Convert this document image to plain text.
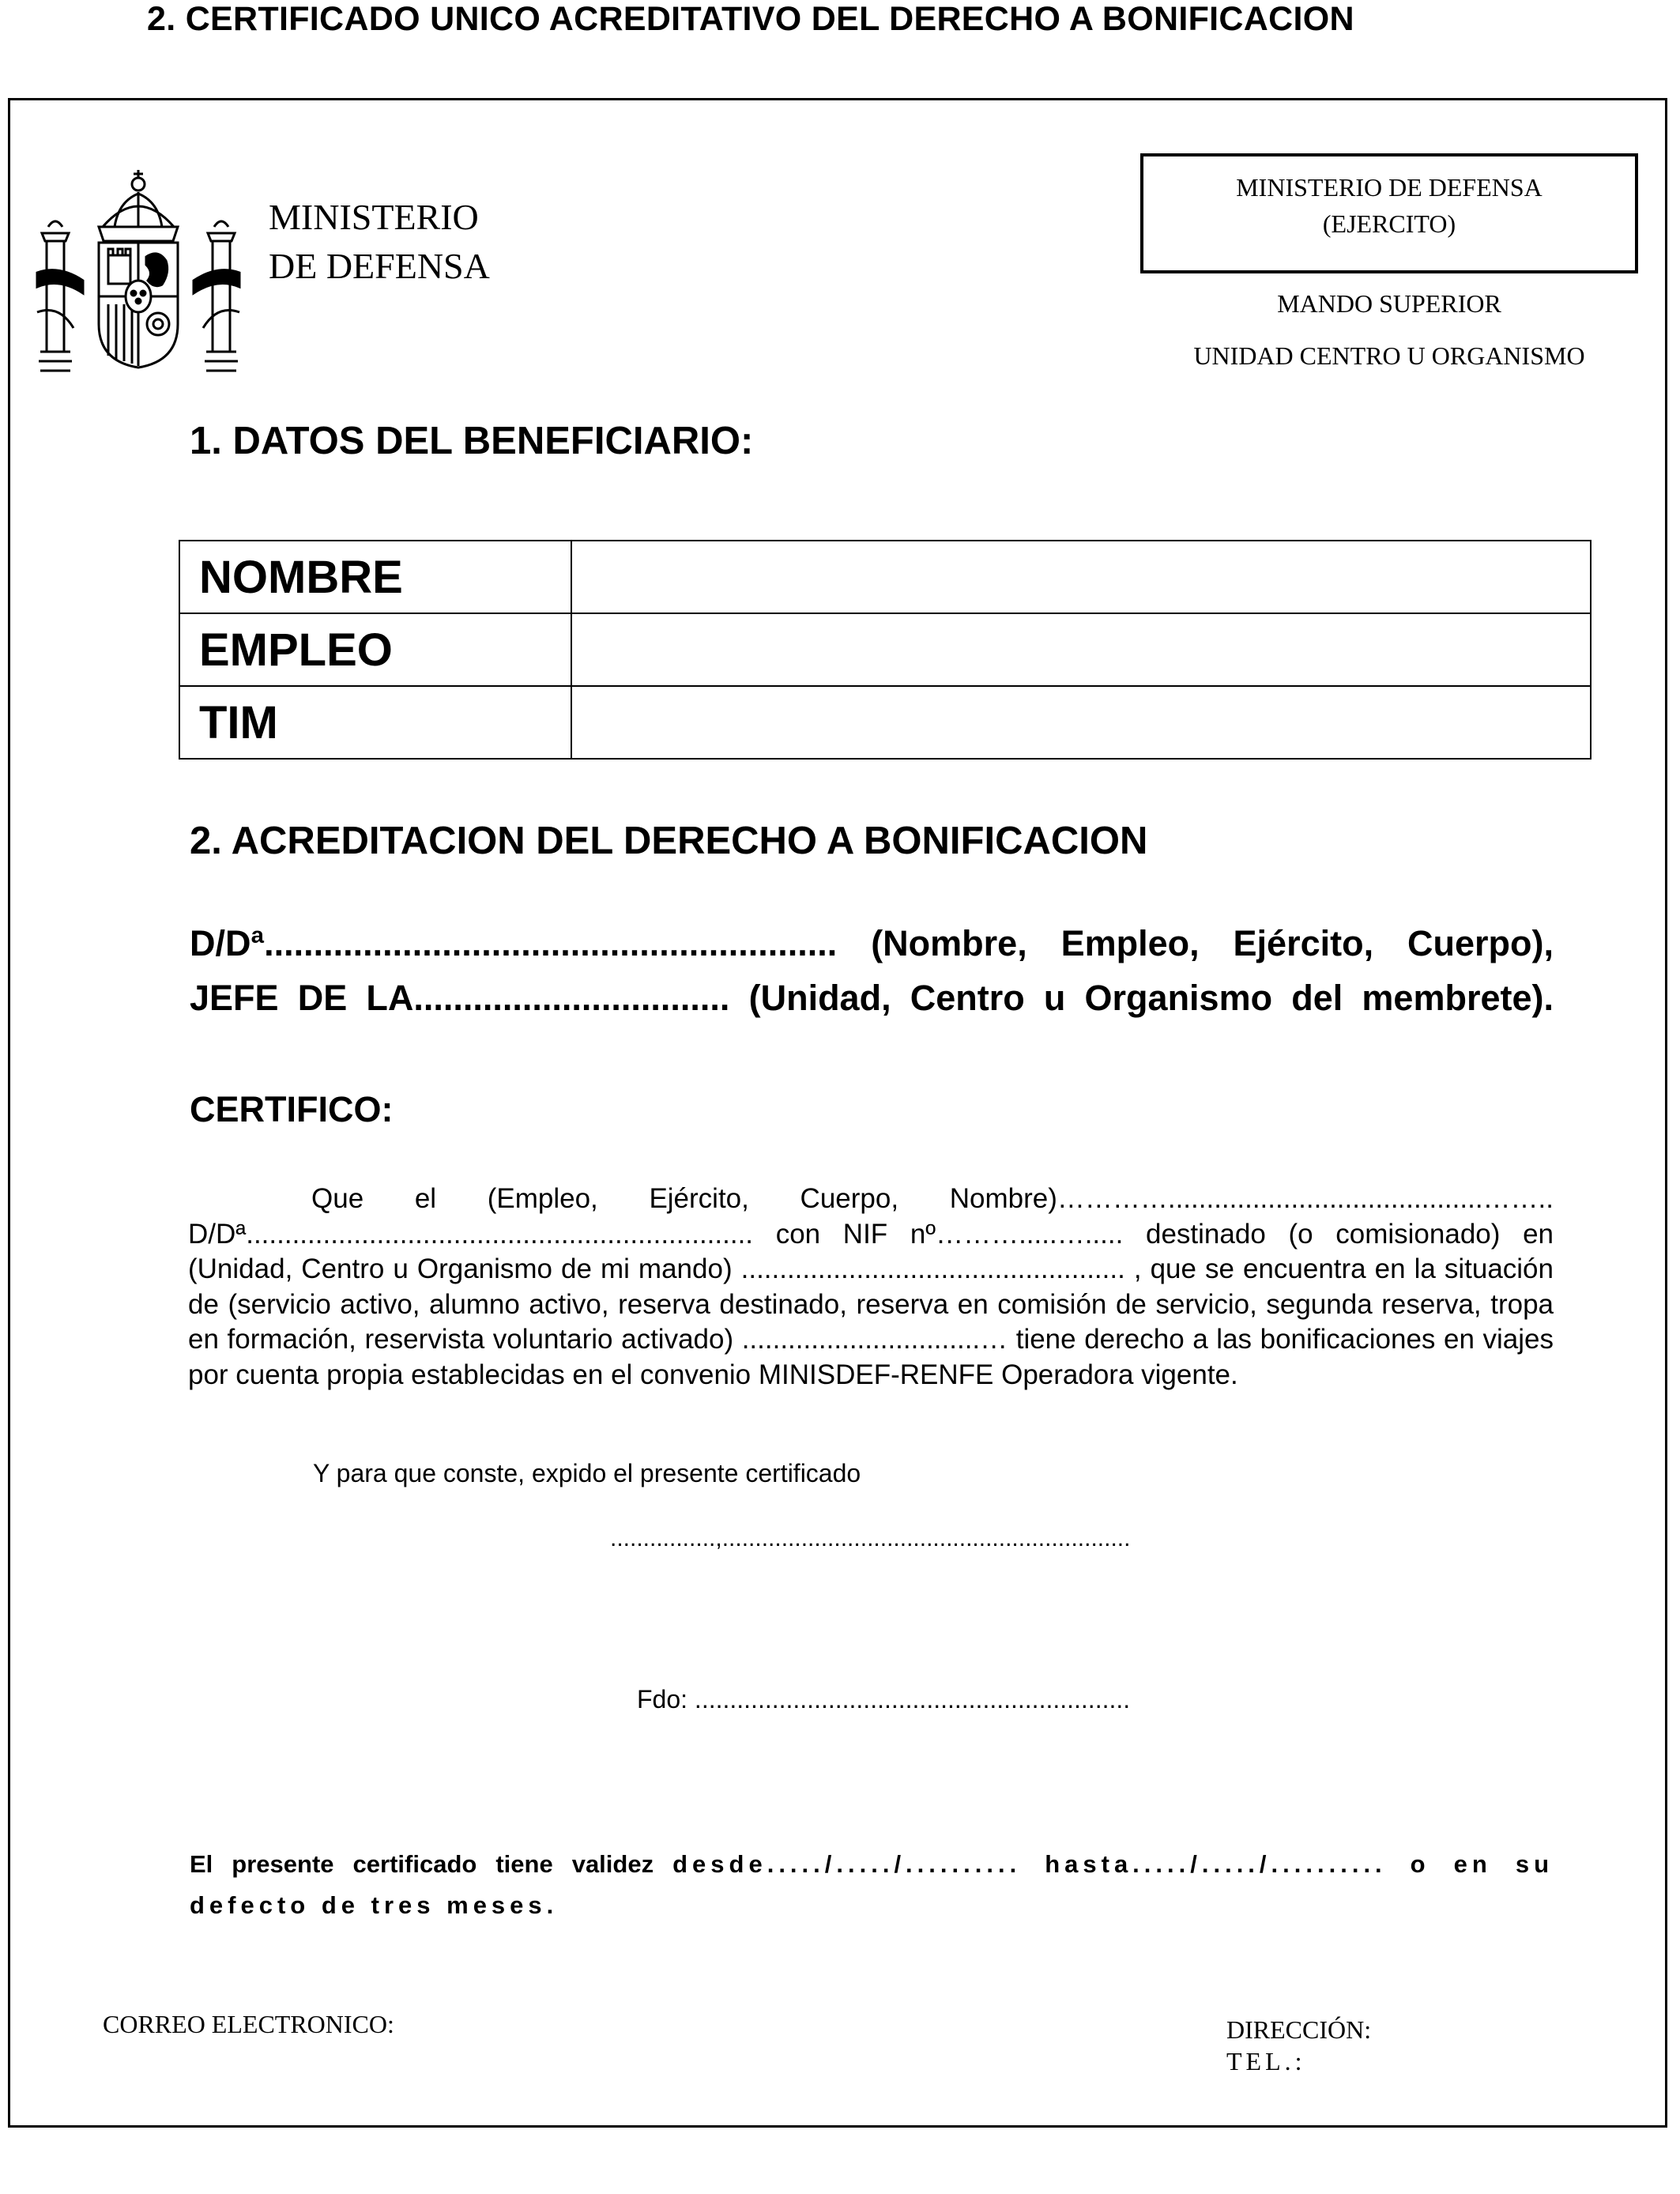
2. CERTIFICADO UNICO ACREDITATIVO DEL DERECHO A BONIFICACION
MINISTERIO
DE DEFENSA
MINISTERIO DE DEFENSA
(EJERCITO)
MANDO SUPERIOR
UNIDAD CENTRO U ORGANISMO
1. DATOS DEL BENEFICIARIO:
NOMBRE	
EMPLEO	
TIM	
2. ACREDITACION DEL DERECHO A BONIFICACION
D/Dª.......................................................... (Nombre, Empleo, Ejército, Cuerpo),
JEFE DE LA................................ (Unidad, Centro u Organismo del membrete).
CERTIFICO:
Que el (Empleo, Ejército, Cuerpo, Nombre)………….........................................…….. D/Dª.................................................................. con NIF nº……….....…..... destinado (o comisionado) en (Unidad, Centro u Organismo de mi mando) .................................................. , que se encuentra en la situación de (servicio activo, alumno activo, reserva destinado, reserva en comisión de servicio, segunda reserva, tropa en formación, reservista voluntario activado) ...............................… tiene derecho a las bonificaciones en viajes por cuenta propia establecidas en el convenio MINISDEF-RENFE Operadora vigente.
Y para que conste, expido el presente certificado
................,..............................................................
Fdo: ..............................................................
El presente certificado tiene validez desde...../...../.......... hasta...../...../.......... o en su defecto de tres meses.
CORREO ELECTRONICO:	DIRECCIÓN:
TEL.:
